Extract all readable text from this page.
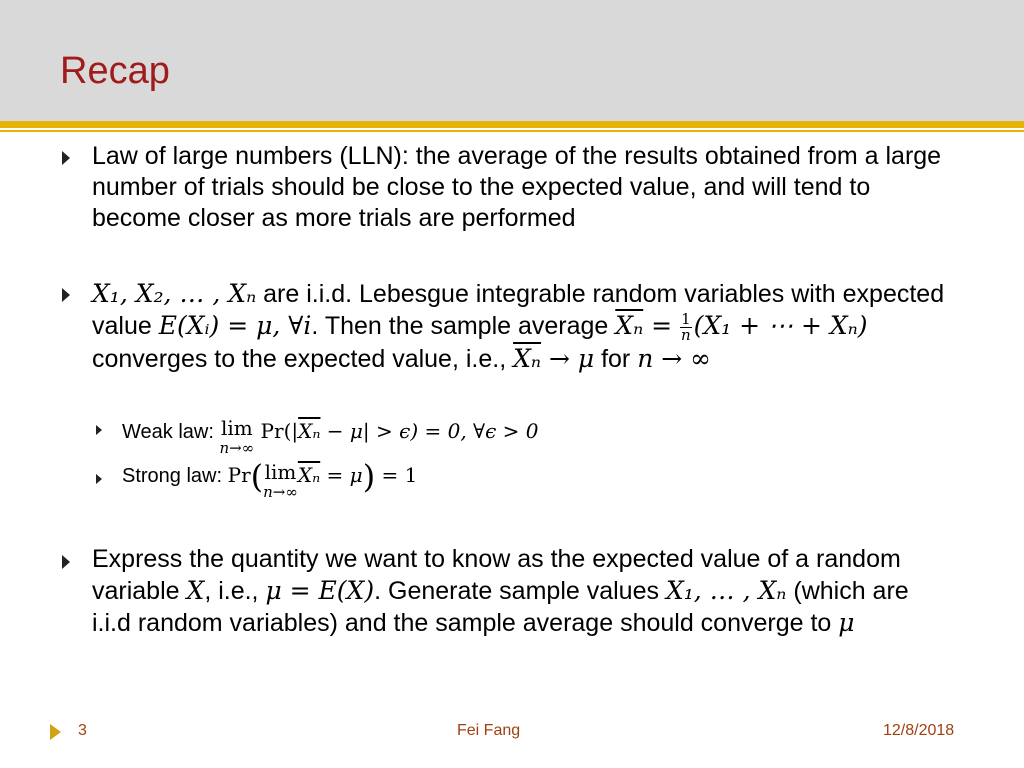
Recap
Law of large numbers (LLN): the average of the results obtained from a large number of trials should be close to the expected value, and will tend to become closer as more trials are performed
X₁, X₂, … , Xₙ are i.i.d. Lebesgue integrable random variables with expected value E(Xᵢ) = μ, ∀i. Then the sample average $\overline{X_n} = \frac{1}{n} (X_1$ + ⋯ + Xₙ) converges to the expected value, i.e., $\overline{X_n} \to \mu$ for n → ∞
Weak law: lim
n→∞
$Pr(|\overline{X_n} - \mu| > \epsilon) = 0$, ∀ϵ > 0
Strong law: Pr( lim
n→∞
$\overline{X_n} = \mu) = 1$
Express the quantity we want to know as the expected value of a random variable X, i.e., μ = E(X). Generate sample values X₁, … , Xₙ (which are i.i.d random variables) and the sample average should converge to μ
3	Fei Fang	12/8/2018
